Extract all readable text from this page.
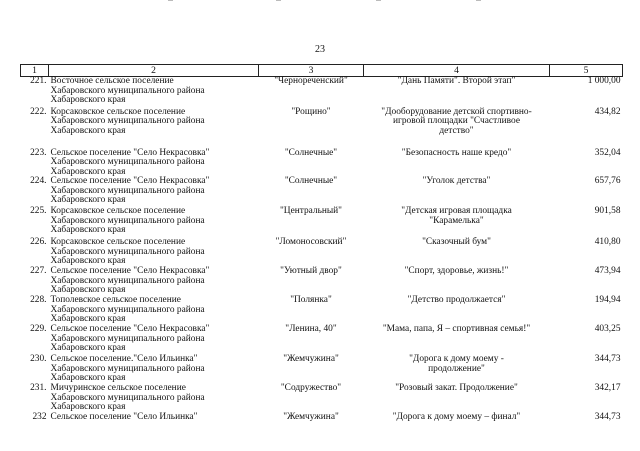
23
1	2	3	4	5
221.	Восточное сельское поселение
Хабаровского муниципального района
Хабаровского края	"Чернореченский"	"Дань Памяти". Второй этап"	1 000,00
222.	Корсаковское сельское поселение
Хабаровского муниципального района
Хабаровского края	"Рощино"	"Дооборудование детской спортивно-
игровой площадки "Счастливое
детство"	434,82
223.	Сельское поселение "Село Некрасовка"
Хабаровского муниципального района
Хабаровского края	"Солнечные"	"Безопасность наше кредо"	352,04
224.	Сельское поселение "Село Некрасовка"
Хабаровского муниципального района
Хабаровского края	"Солнечные"	"Уголок детства"	657,76
225.	Корсаковское сельское поселение
Хабаровского муниципального района
Хабаровского края	"Центральный"	"Детская игровая площадка
"Карамелька"	901,58
226.	Корсаковское сельское поселение
Хабаровского муниципального района
Хабаровского края	"Ломоносовский"	"Сказочный бум"	410,80
227.	Сельское поселение "Село Некрасовка"
Хабаровского муниципального района
Хабаровского края	"Уютный двор"	"Спорт, здоровье, жизнь!"	473,94
228.	Тополевское сельское поселение
Хабаровского муниципального района
Хабаровского края	"Полянка"	"Детство продолжается"	194,94
229.	Сельское поселение "Село Некрасовка"
Хабаровского муниципального района
Хабаровского края	"Ленина, 40"	"Мама, папа, Я – спортивная семья!"	403,25
230.	Сельское поселение."Село Ильинка"
Хабаровского муниципального района
Хабаровского края	"Жемчужина"	"Дорога к дому моему -
продолжение"	344,73
231.	Мичуринское сельское поселение
Хабаровского муниципального района
Хабаровского края	"Содружество"	"Розовый закат. Продолжение"	342,17
232	Сельское поселение "Село Ильинка"	"Жемчужина"	"Дорога к дому моему – финал"	344,73
